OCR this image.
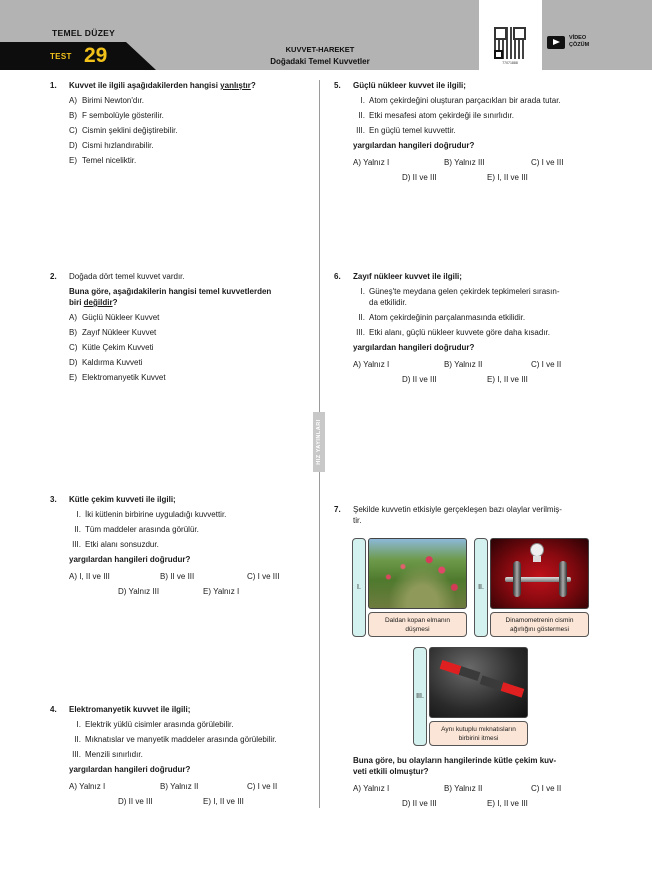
TEMEL DÜZEY
TEST 29	KUVVET-HAREKET
Doğadaki Temel Kuvvetler	77071888
VİDEO
ÇÖZÜM
HIZ YAYINLARI
1. Kuvvet ile ilgili aşağıdakilerden hangisi yanlıştır?
A) Birimi Newton'dır.
B) F sembolüyle gösterilir.
C) Cismin şeklini değiştirebilir.
D) Cismi hızlandırabilir.
E) Temel niceliktir.
2. Doğada dört temel kuvvet vardır.
Buna göre, aşağıdakilerin hangisi temel kuvvetlerden
biri değildir?
A) Güçlü Nükleer Kuvvet
B) Zayıf Nükleer Kuvvet
C) Kütle Çekim Kuvveti
D) Kaldırma Kuvveti
E) Elektromanyetik Kuvvet
3. Kütle çekim kuvveti ile ilgili;
I. İki kütlenin birbirine uyguladığı kuvvettir.
II. Tüm maddeler arasında görülür.
III. Etki alanı sonsuzdur.
yargılardan hangileri doğrudur?
A) I, II ve III	B) II ve III	C) I ve III
D) Yalnız III	E) Yalnız I
4. Elektromanyetik kuvvet ile ilgili;
I. Elektrik yüklü cisimler arasında görülebilir.
II. Mıknatıslar ve manyetik maddeler arasında görülebilir.
III. Menzili sınırlıdır.
yargılardan hangileri doğrudur?
A) Yalnız I	B) Yalnız II	C) I ve II
D) II ve III	E) I, II ve III
5. Güçlü nükleer kuvvet ile ilgili;
I. Atom çekirdeğini oluşturan parçacıkları bir arada tutar.
II. Etki mesafesi atom çekirdeği ile sınırlıdır.
III. En güçlü temel kuvvettir.
yargılardan hangileri doğrudur?
A) Yalnız I	B) Yalnız III	C) I ve III
D) II ve III	E) I, II ve III
6. Zayıf nükleer kuvvet ile ilgili;
I. Güneş'te meydana gelen çekirdek tepkimeleri sırasın-
da etkilidir.
II. Atom çekirdeğinin parçalanmasında etkilidir.
III. Etki alanı, güçlü nükleer kuvvete göre daha kısadır.
yargılardan hangileri doğrudur?
A) Yalnız I	B) Yalnız II	C) I ve II
D) II ve III	E) I, II ve III
7. Şekilde kuvvetin etkisiyle gerçekleşen bazı olaylar verilmiş-
tir.
I.
Daldan kopan elmanın düşmesi
II.
Dinamometrenin cismin ağırlığını göstermesi
III.
Aynı kutuplu mıknatısların birbirini itmesi
Buna göre, bu olayların hangilerinde kütle çekim kuv-
veti etkili olmuştur?
A) Yalnız I	B) Yalnız II	C) I ve II
D) II ve III	E) I, II ve III
